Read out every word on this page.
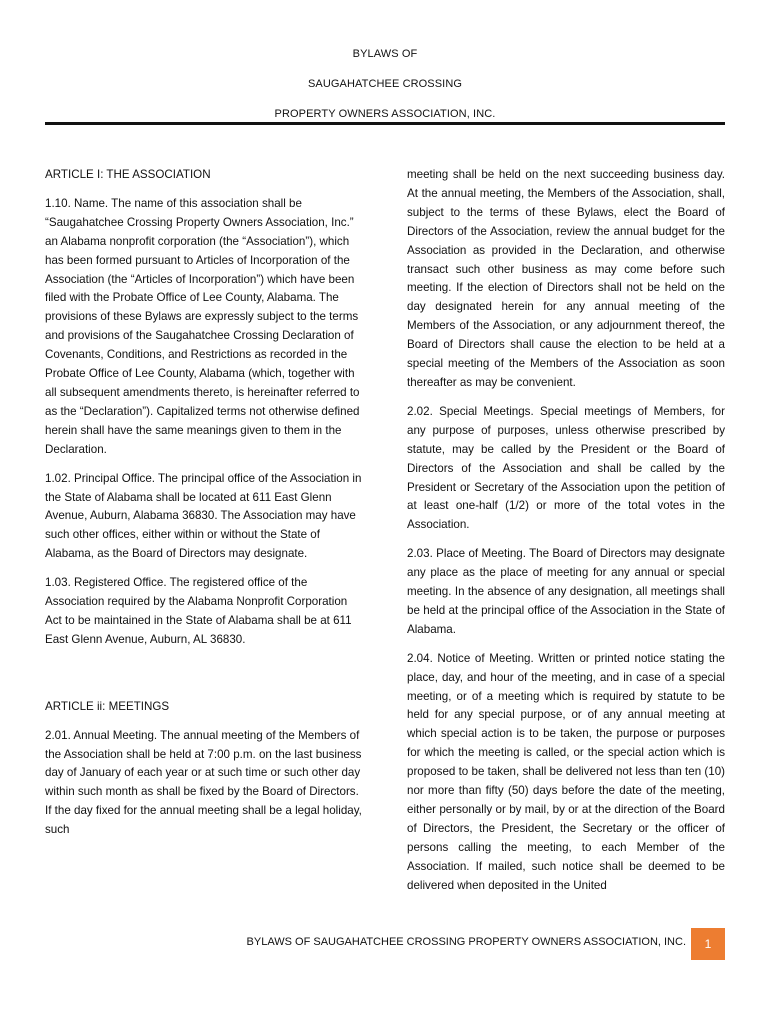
BYLAWS OF
SAUGAHATCHEE CROSSING
PROPERTY OWNERS ASSOCIATION, INC.
ARTICLE I: THE ASSOCIATION

1.10. Name. The name of this association shall be “Saugahatchee Crossing Property Owners Association, Inc.” an Alabama nonprofit corporation (the “Association”), which has been formed pursuant to Articles of Incorporation of the Association (the “Articles of Incorporation”) which have been filed with the Probate Office of Lee County, Alabama. The provisions of these Bylaws are expressly subject to the terms and provisions of the Saugahatchee Crossing Declaration of Covenants, Conditions, and Restrictions as recorded in the Probate Office of Lee County, Alabama (which, together with all subsequent amendments thereto, is hereinafter referred to as the “Declaration”). Capitalized terms not otherwise defined herein shall have the same meanings given to them in the Declaration.

1.02. Principal Office. The principal office of the Association in the State of Alabama shall be located at 611 East Glenn Avenue, Auburn, Alabama 36830. The Association may have such other offices, either within or without the State of Alabama, as the Board of Directors may designate.

1.03. Registered Office. The registered office of the Association required by the Alabama Nonprofit Corporation Act to be maintained in the State of Alabama shall be at 611 East Glenn Avenue, Auburn, AL 36830.

ARTICLE ii: MEETINGS

2.01. Annual Meeting. The annual meeting of the Members of the Association shall be held at 7:00 p.m. on the last business day of January of each year or at such time or such other day within such month as shall be fixed by the Board of Directors. If the day fixed for the annual meeting shall be a legal holiday, such

meeting shall be held on the next succeeding business day. At the annual meeting, the Members of the Association, shall, subject to the terms of these Bylaws, elect the Board of Directors of the Association, review the annual budget for the Association as provided in the Declaration, and otherwise transact such other business as may come before such meeting. If the election of Directors shall not be held on the day designated herein for any annual meeting of the Members of the Association, or any adjournment thereof, the Board of Directors shall cause the election to be held at a special meeting of the Members of the Association as soon thereafter as may be convenient.

2.02. Special Meetings. Special meetings of Members, for any purpose of purposes, unless otherwise prescribed by statute, may be called by the President or the Board of Directors of the Association and shall be called by the President or Secretary of the Association upon the petition of at least one-half (1/2) or more of the total votes in the Association.

2.03. Place of Meeting. The Board of Directors may designate any place as the place of meeting for any annual or special meeting. In the absence of any designation, all meetings shall be held at the principal office of the Association in the State of Alabama.

2.04. Notice of Meeting. Written or printed notice stating the place, day, and hour of the meeting, and in case of a special meeting, or of a meeting which is required by statute to be held for any special purpose, or of any annual meeting at which special action is to be taken, the purpose or purposes for which the meeting is called, or the special action which is proposed to be taken, shall be delivered not less than ten (10) nor more than fifty (50) days before the date of the meeting, either personally or by mail, by or at the direction of the Board of Directors, the President, the Secretary or the officer of persons calling the meeting, to each Member of the Association. If mailed, such notice shall be deemed to be delivered when deposited in the United

BYLAWS OF SAUGAHATCHEE CROSSING PROPERTY OWNERS ASSOCIATION, INC.	1
